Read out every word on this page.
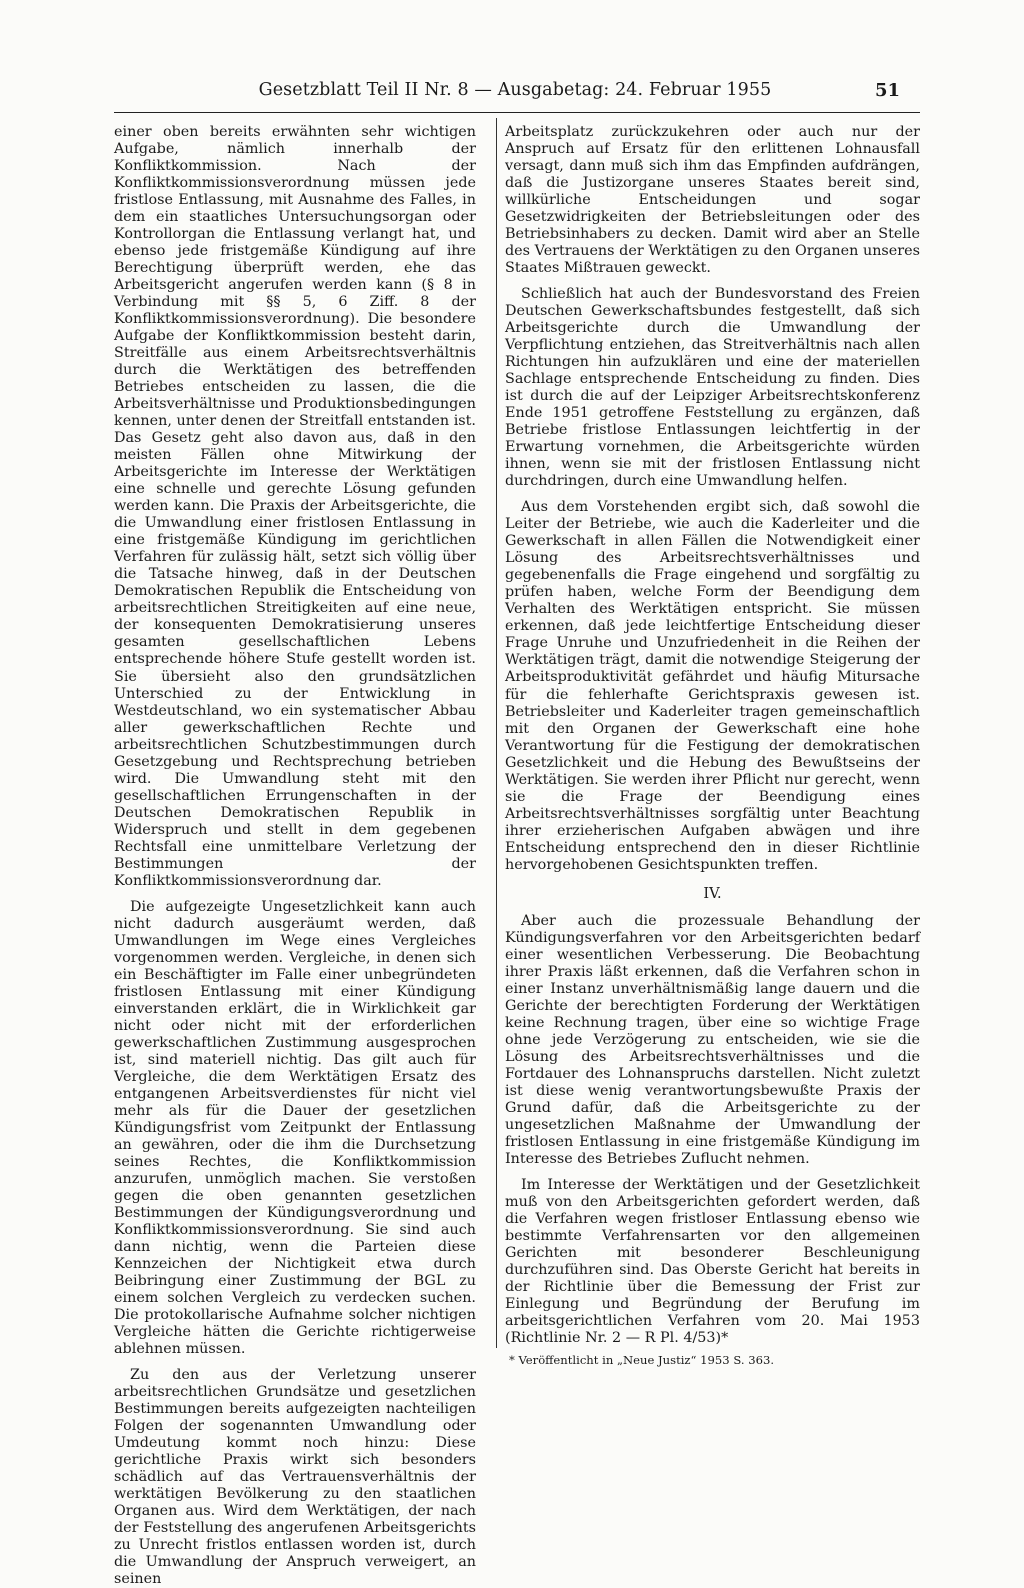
Gesetzblatt Teil II Nr. 8 — Ausgabetag: 24. Februar 1955	51

einer oben bereits erwähnten sehr wichtigen Aufgabe, nämlich innerhalb der Konfliktkommission. Nach der Konfliktkommissionsverordnung müssen jede fristlose Entlassung, mit Ausnahme des Falles, in dem ein staatliches Untersuchungsorgan oder Kontrollorgan die Entlassung verlangt hat, und ebenso jede fristgemäße Kündigung auf ihre Berechtigung überprüft werden, ehe das Arbeitsgericht angerufen werden kann (§ 8 in Verbindung mit §§ 5, 6 Ziff. 8 der Konfliktkommissionsverordnung). Die besondere Aufgabe der Konfliktkommission besteht darin, Streitfälle aus einem Arbeitsrechtsverhältnis durch die Werktätigen des betreffenden Betriebes entscheiden zu lassen, die die Arbeitsverhältnisse und Produktionsbedingungen kennen, unter denen der Streitfall entstanden ist. Das Gesetz geht also davon aus, daß in den meisten Fällen ohne Mitwirkung der Arbeitsgerichte im Interesse der Werktätigen eine schnelle und gerechte Lösung gefunden werden kann. Die Praxis der Arbeitsgerichte, die die Umwandlung einer fristlosen Entlassung in eine fristgemäße Kündigung im gerichtlichen Verfahren für zulässig hält, setzt sich völlig über die Tatsache hinweg, daß in der Deutschen Demokratischen Republik die Entscheidung von arbeitsrechtlichen Streitigkeiten auf eine neue, der konsequenten Demokratisierung unseres gesamten gesellschaftlichen Lebens entsprechende höhere Stufe gestellt worden ist. Sie übersieht also den grundsätzlichen Unterschied zu der Entwicklung in Westdeutschland, wo ein systematischer Abbau aller gewerkschaftlichen Rechte und arbeitsrechtlichen Schutzbestimmungen durch Gesetzgebung und Rechtsprechung betrieben wird. Die Umwandlung steht mit den gesellschaftlichen Errungenschaften in der Deutschen Demokratischen Republik in Widerspruch und stellt in dem gegebenen Rechtsfall eine unmittelbare Verletzung der Bestimmungen der Konfliktkommissionsverordnung dar.

Die aufgezeigte Ungesetzlichkeit kann auch nicht dadurch ausgeräumt werden, daß Umwandlungen im Wege eines Vergleiches vorgenommen werden. Vergleiche, in denen sich ein Beschäftigter im Falle einer unbegründeten fristlosen Entlassung mit einer Kündigung einverstanden erklärt, die in Wirklichkeit gar nicht oder nicht mit der erforderlichen gewerkschaftlichen Zustimmung ausgesprochen ist, sind materiell nichtig. Das gilt auch für Vergleiche, die dem Werktätigen Ersatz des entgangenen Arbeitsverdienstes für nicht viel mehr als für die Dauer der gesetzlichen Kündigungsfrist vom Zeitpunkt der Entlassung an gewähren, oder die ihm die Durchsetzung seines Rechtes, die Konfliktkommission anzurufen, unmöglich machen. Sie verstoßen gegen die oben genannten gesetzlichen Bestimmungen der Kündigungsverordnung und Konfliktkommissionsverordnung. Sie sind auch dann nichtig, wenn die Parteien diese Kennzeichen der Nichtigkeit etwa durch Beibringung einer Zustimmung der BGL zu einem solchen Vergleich zu verdecken suchen. Die protokollarische Aufnahme solcher nichtigen Vergleiche hätten die Gerichte richtigerweise ablehnen müssen.

Zu den aus der Verletzung unserer arbeitsrechtlichen Grundsätze und gesetzlichen Bestimmungen bereits aufgezeigten nachteiligen Folgen der sogenannten Umwandlung oder Umdeutung kommt noch hinzu: Diese gerichtliche Praxis wirkt sich besonders schädlich auf das Vertrauensverhältnis der werktätigen Bevölkerung zu den staatlichen Organen aus. Wird dem Werktätigen, der nach der Feststellung des angerufenen Arbeitsgerichts zu Unrecht fristlos entlassen worden ist, durch die Umwandlung der Anspruch verweigert, an seinen

Arbeitsplatz zurückzukehren oder auch nur der Anspruch auf Ersatz für den erlittenen Lohnausfall versagt, dann muß sich ihm das Empfinden aufdrängen, daß die Justizorgane unseres Staates bereit sind, willkürliche Entscheidungen und sogar Gesetzwidrigkeiten der Betriebsleitungen oder des Betriebsinhabers zu decken. Damit wird aber an Stelle des Vertrauens der Werktätigen zu den Organen unseres Staates Mißtrauen geweckt.

Schließlich hat auch der Bundesvorstand des Freien Deutschen Gewerkschaftsbundes festgestellt, daß sich Arbeitsgerichte durch die Umwandlung der Verpflichtung entziehen, das Streitverhältnis nach allen Richtungen hin aufzuklären und eine der materiellen Sachlage entsprechende Entscheidung zu finden. Dies ist durch die auf der Leipziger Arbeitsrechtskonferenz Ende 1951 getroffene Feststellung zu ergänzen, daß Betriebe fristlose Entlassungen leichtfertig in der Erwartung vornehmen, die Arbeitsgerichte würden ihnen, wenn sie mit der fristlosen Entlassung nicht durchdringen, durch eine Umwandlung helfen.

Aus dem Vorstehenden ergibt sich, daß sowohl die Leiter der Betriebe, wie auch die Kaderleiter und die Gewerkschaft in allen Fällen die Notwendigkeit einer Lösung des Arbeitsrechtsverhältnisses und gegebenenfalls die Frage eingehend und sorgfältig zu prüfen haben, welche Form der Beendigung dem Verhalten des Werktätigen entspricht. Sie müssen erkennen, daß jede leichtfertige Entscheidung dieser Frage Unruhe und Unzufriedenheit in die Reihen der Werktätigen trägt, damit die notwendige Steigerung der Arbeitsproduktivität gefährdet und häufig Mitursache für die fehlerhafte Gerichtspraxis gewesen ist. Betriebsleiter und Kaderleiter tragen gemeinschaftlich mit den Organen der Gewerkschaft eine hohe Verantwortung für die Festigung der demokratischen Gesetzlichkeit und die Hebung des Bewußtseins der Werktätigen. Sie werden ihrer Pflicht nur gerecht, wenn sie die Frage der Beendigung eines Arbeitsrechtsverhältnisses sorgfältig unter Beachtung ihrer erzieherischen Aufgaben abwägen und ihre Entscheidung entsprechend den in dieser Richtlinie hervorgehobenen Gesichtspunkten treffen.

IV.

Aber auch die prozessuale Behandlung der Kündigungsverfahren vor den Arbeitsgerichten bedarf einer wesentlichen Verbesserung. Die Beobachtung ihrer Praxis läßt erkennen, daß die Verfahren schon in einer Instanz unverhältnismäßig lange dauern und die Gerichte der berechtigten Forderung der Werktätigen keine Rechnung tragen, über eine so wichtige Frage ohne jede Verzögerung zu entscheiden, wie sie die Lösung des Arbeitsrechtsverhältnisses und die Fortdauer des Lohnanspruchs darstellen. Nicht zuletzt ist diese wenig verantwortungsbewußte Praxis der Grund dafür, daß die Arbeitsgerichte zu der ungesetzlichen Maßnahme der Umwandlung der fristlosen Entlassung in eine fristgemäße Kündigung im Interesse des Betriebes Zuflucht nehmen.

Im Interesse der Werktätigen und der Gesetzlichkeit muß von den Arbeitsgerichten gefordert werden, daß die Verfahren wegen fristloser Entlassung ebenso wie bestimmte Verfahrensarten vor den allgemeinen Gerichten mit besonderer Beschleunigung durchzuführen sind. Das Oberste Gericht hat bereits in der Richtlinie über die Bemessung der Frist zur Einlegung und Begründung der Berufung im arbeitsgerichtlichen Verfahren vom 20. Mai 1953 (Richtlinie Nr. 2 — R Pl. 4/53)*

* Veröffentlicht in „Neue Justiz“ 1953 S. 363.
